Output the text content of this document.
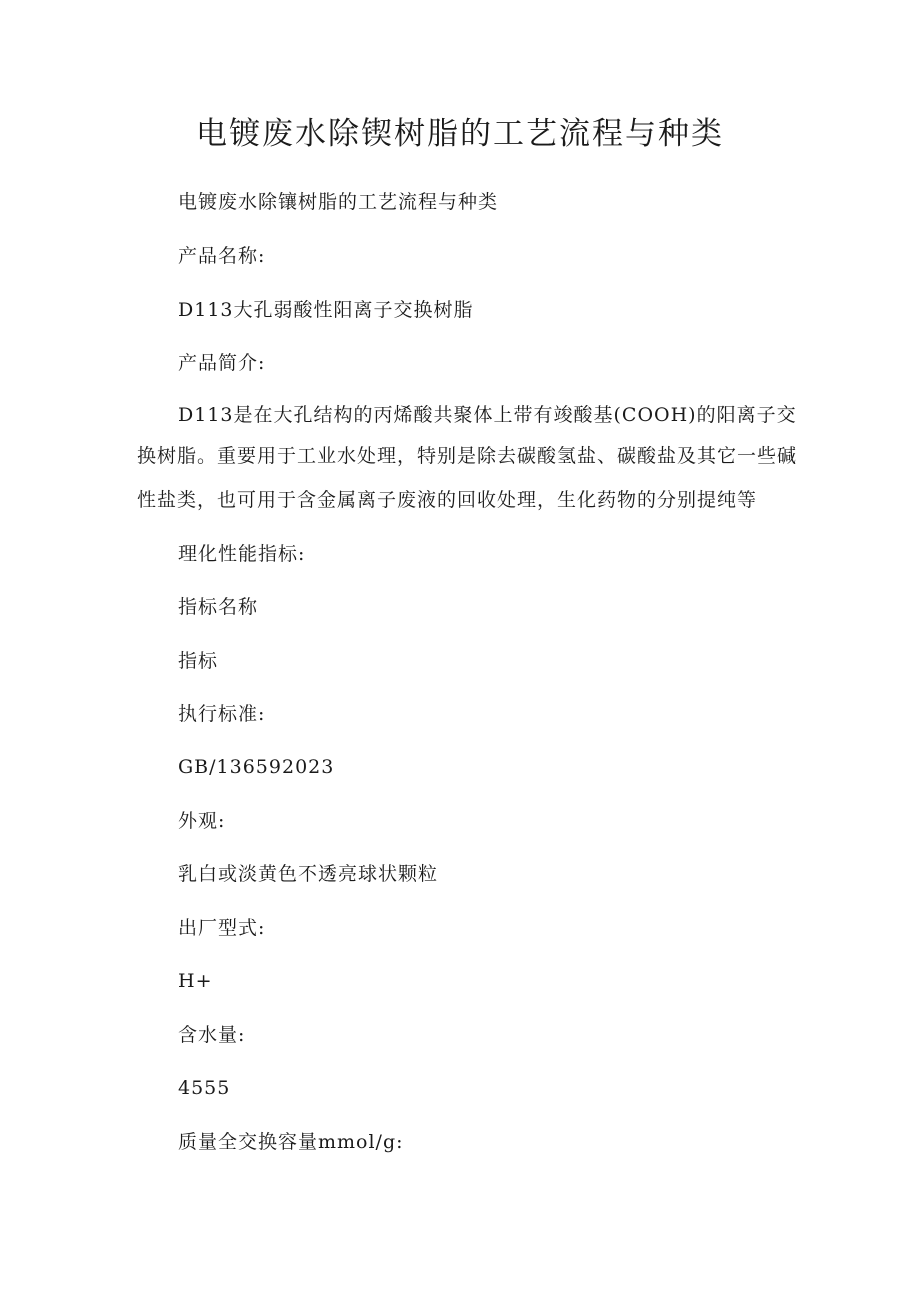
电镀废水除锲树脂的工艺流程与种类
电镀废水除镶树脂的工艺流程与种类
产品名称:
D113大孔弱酸性阳离子交换树脂
产品简介:
D113是在大孔结构的丙烯酸共聚体上带有竣酸基(COOH)的阳离子交
换树脂。重要用于工业水处理，特别是除去碳酸氢盐、碳酸盐及其它一些碱
性盐类，也可用于含金属离子废液的回收处理，生化药物的分别提纯等
理化性能指标:
指标名称
指标
执行标准:
GB/136592023
外观:
乳白或淡黄色不透亮球状颗粒
出厂型式:
H+
含水量:
4555
质量全交换容量mmol/g:
